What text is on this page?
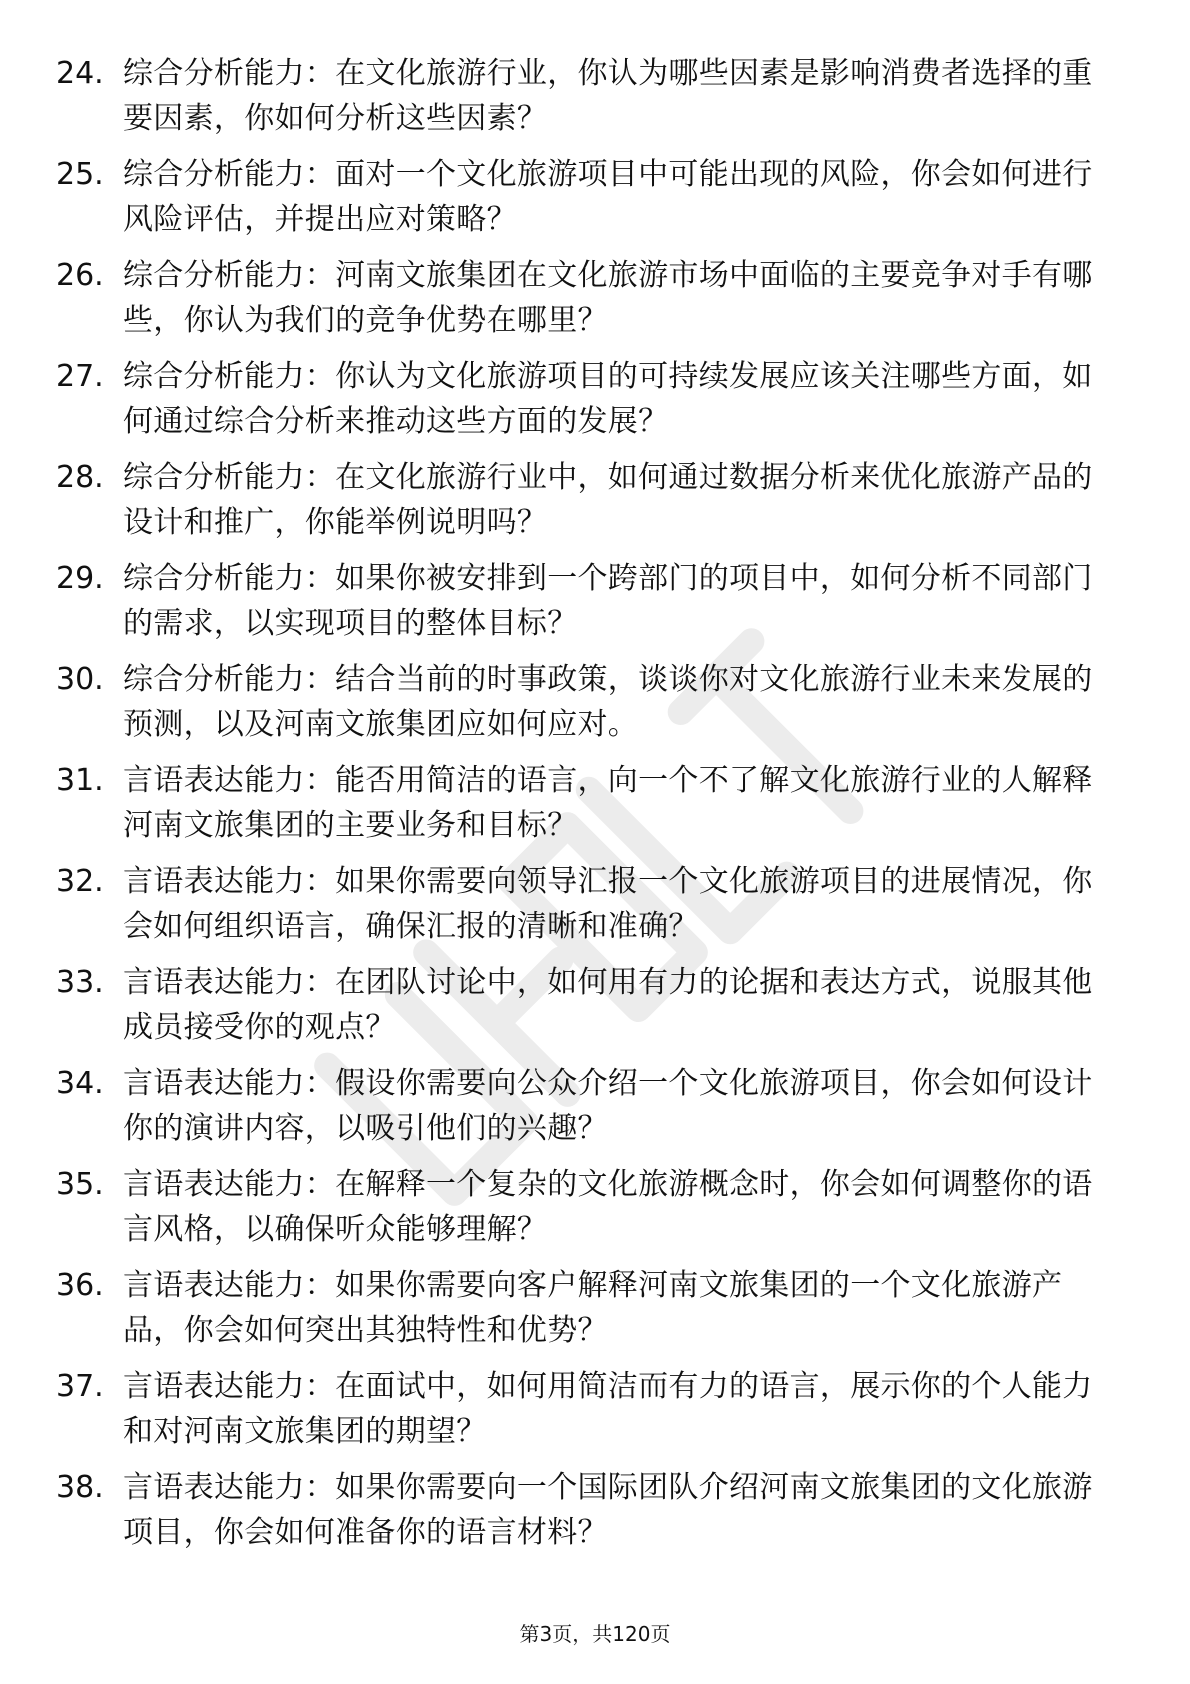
24. 综合分析能力：在文化旅游行业，你认为哪些因素是影响消费者选择的重要因素，你如何分析这些因素？
25. 综合分析能力：面对一个文化旅游项目中可能出现的风险，你会如何进行风险评估，并提出应对策略？
26. 综合分析能力：河南文旅集团在文化旅游市场中面临的主要竞争对手有哪些，你认为我们的竞争优势在哪里？
27. 综合分析能力：你认为文化旅游项目的可持续发展应该关注哪些方面，如何通过综合分析来推动这些方面的发展？
28. 综合分析能力：在文化旅游行业中，如何通过数据分析来优化旅游产品的设计和推广，你能举例说明吗？
29. 综合分析能力：如果你被安排到一个跨部门的项目中，如何分析不同部门的需求，以实现项目的整体目标？
30. 综合分析能力：结合当前的时事政策，谈谈你对文化旅游行业未来发展的预测，以及河南文旅集团应如何应对。
31. 言语表达能力：能否用简洁的语言，向一个不了解文化旅游行业的人解释河南文旅集团的主要业务和目标？
32. 言语表达能力：如果你需要向领导汇报一个文化旅游项目的进展情况，你会如何组织语言，确保汇报的清晰和准确？
33. 言语表达能力：在团队讨论中，如何用有力的论据和表达方式，说服其他成员接受你的观点？
34. 言语表达能力：假设你需要向公众介绍一个文化旅游项目，你会如何设计你的演讲内容，以吸引他们的兴趣？
35. 言语表达能力：在解释一个复杂的文化旅游概念时，你会如何调整你的语言风格，以确保听众能够理解？
36. 言语表达能力：如果你需要向客户解释河南文旅集团的一个文化旅游产品，你会如何突出其独特性和优势？
37. 言语表达能力：在面试中，如何用简洁而有力的语言，展示你的个人能力和对河南文旅集团的期望？
38. 言语表达能力：如果你需要向一个国际团队介绍河南文旅集团的文化旅游项目，你会如何准备你的语言材料？
第3页，共120页
